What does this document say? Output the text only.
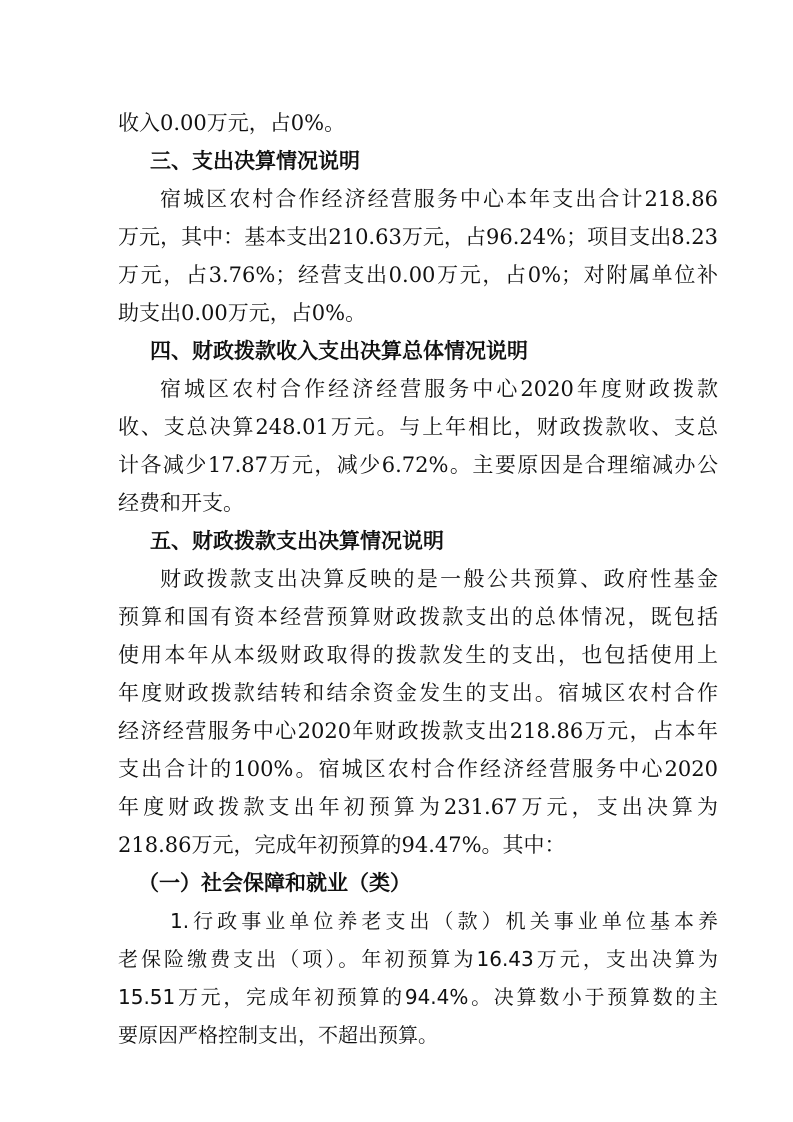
收入0.00万元，占0%。
三、支出决算情况说明
宿城区农村合作经济经营服务中心本年支出合计218.86
万元，其中：基本支出210.63万元，占96.24%；项目支出8.23
万元，占3.76%；经营支出0.00万元，占0%；对附属单位补
助支出0.00万元，占0%。
四、财政拨款收入支出决算总体情况说明
宿城区农村合作经济经营服务中心2020年度财政拨款
收、支总决算248.01万元。与上年相比，财政拨款收、支总
计各减少17.87万元，减少6.72%。主要原因是合理缩减办公
经费和开支。
五、财政拨款支出决算情况说明
财政拨款支出决算反映的是一般公共预算、政府性基金
预算和国有资本经营预算财政拨款支出的总体情况，既包括
使用本年从本级财政取得的拨款发生的支出，也包括使用上
年度财政拨款结转和结余资金发生的支出。宿城区农村合作
经济经营服务中心2020年财政拨款支出218.86万元，占本年
支出合计的100%。宿城区农村合作经济经营服务中心2020
年度财政拨款支出年初预算为231.67万元，支出决算为
218.86万元，完成年初预算的94.47%。其中：
（一）社会保障和就业（类）
1.行政事业单位养老支出（款）机关事业单位基本养
老保险缴费支出（项）。年初预算为16.43万元，支出决算为
15.51万元，完成年初预算的94.4%。决算数小于预算数的主
要原因严格控制支出，不超出预算。
